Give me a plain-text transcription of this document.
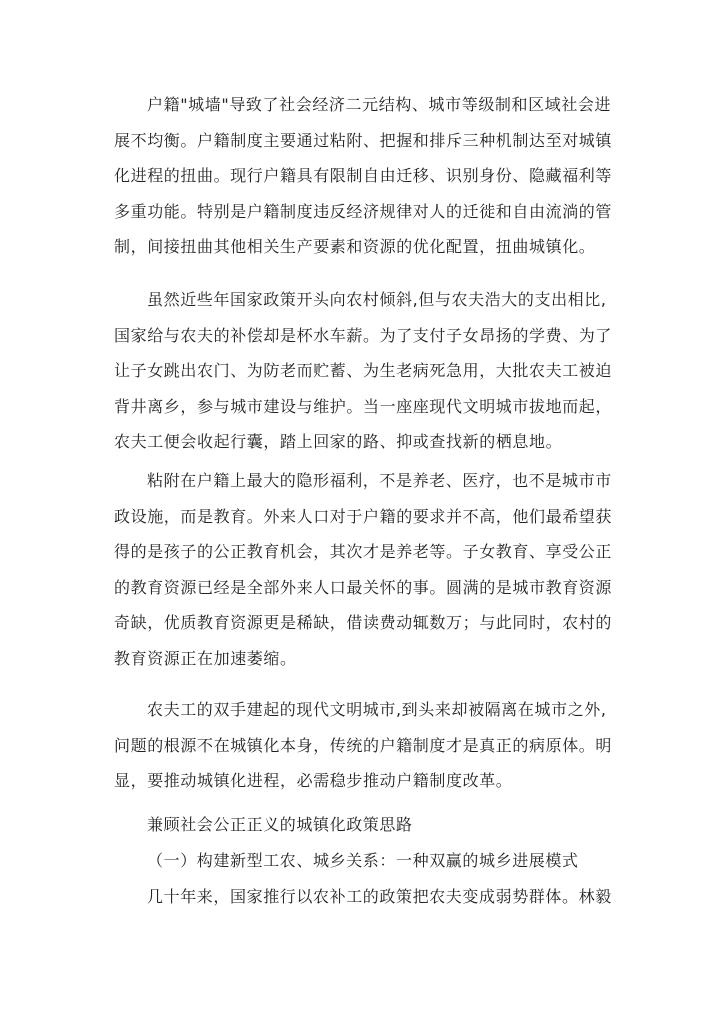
户籍"城墙"导致了社会经济二元结构、城市等级制和区域社会进
展不均衡。户籍制度主要通过粘附、把握和排斥三种机制达至对城镇
化进程的扭曲。现行户籍具有限制自由迁移、识别身份、隐藏福利等
多重功能。特别是户籍制度违反经济规律对人的迁徙和自由流淌的管
制，间接扭曲其他相关生产要素和资源的优化配置，扭曲城镇化。
虽然近些年国家政策开头向农村倾斜,但与农夫浩大的支出相比,
国家给与农夫的补偿却是杯水车薪。为了支付子女昂扬的学费、为了
让子女跳出农门、为防老而贮蓄、为生老病死急用，大批农夫工被迫
背井离乡，参与城市建设与维护。当一座座现代文明城市拔地而起，
农夫工便会收起行囊，踏上回家的路、抑或查找新的栖息地。
粘附在户籍上最大的隐形福利，不是养老、医疗，也不是城市市
政设施，而是教育。外来人口对于户籍的要求并不高，他们最希望获
得的是孩子的公正教育机会，其次才是养老等。子女教育、享受公正
的教育资源已经是全部外来人口最关怀的事。圆满的是城市教育资源
奇缺，优质教育资源更是稀缺，借读费动辄数万；与此同时，农村的
教育资源正在加速萎缩。
农夫工的双手建起的现代文明城市,到头来却被隔离在城市之外,
问题的根源不在城镇化本身，传统的户籍制度才是真正的病原体。明
显，要推动城镇化进程，必需稳步推动户籍制度改革。
兼顾社会公正正义的城镇化政策思路
（一）构建新型工农、城乡关系：一种双赢的城乡进展模式
几十年来，国家推行以农补工的政策把农夫变成弱势群体。林毅
